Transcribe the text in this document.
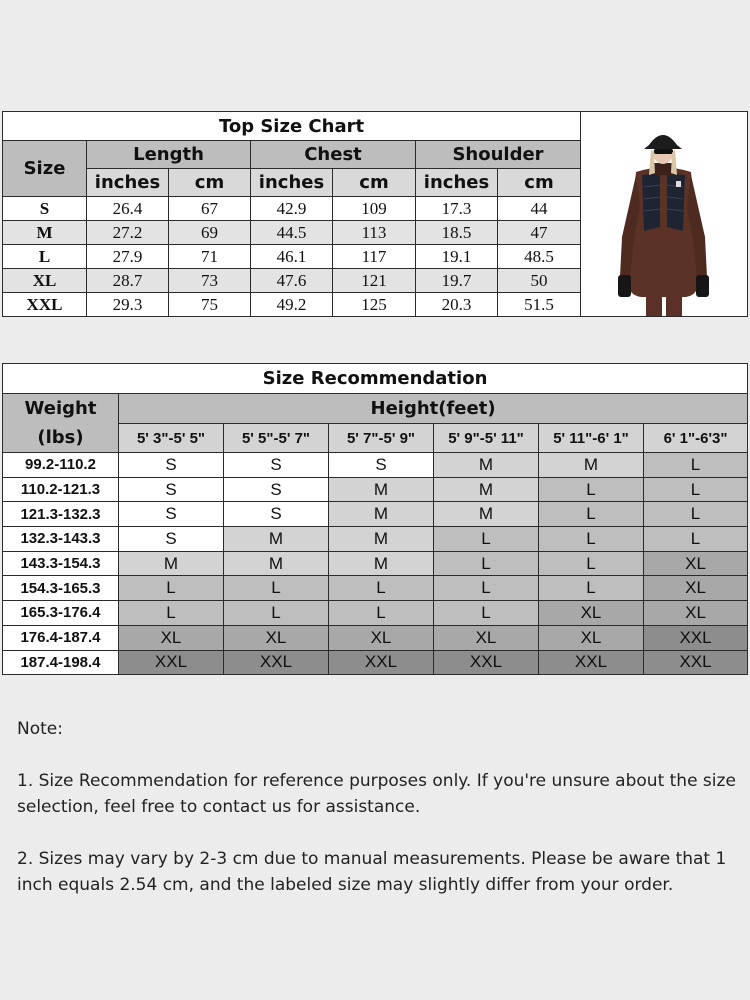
Top Size Chart	

Size	Length		Chest		Shoulder		
	inches	cm	inches	cm	inches	cm	
S	26.4	67	42.9	109	17.3	44	
M	27.2	69	44.5	113	18.5	47	
L	27.9	71	46.1	117	19.1	48.5	
XL	28.7	73	47.6	121	19.7	50	
XXL	29.3	75	49.2	125	20.3	51.5	
Size Recommendation						

Weight
(lbs)	Height(feet)					
	5' 3"-5' 5"	5' 5"-5' 7"	5' 7"-5' 9"	5' 9"-5' 11"	5' 11"-6' 1"	6' 1"-6'3"
99.2-110.2	S	S	S	M	M	L
110.2-121.3	S	S	M	M	L	L
121.3-132.3	S	S	M	M	L	L
132.3-143.3	S	M	M	L	L	L
143.3-154.3	M	M	M	L	L	XL
154.3-165.3	L	L	L	L	L	XL
165.3-176.4	L	L	L	L	XL	XL
176.4-187.4	XL	XL	XL	XL	XL	XXL
187.4-198.4	XXL	XXL	XXL	XXL	XXL	XXL

Note:

1. Size Recommendation for reference purposes only. If you're unsure about the size selection, feel free to contact us for assistance.

2. Sizes may vary by 2-3 cm due to manual measurements. Please be aware that 1 inch equals 2.54 cm, and the labeled size may slightly differ from your order.
